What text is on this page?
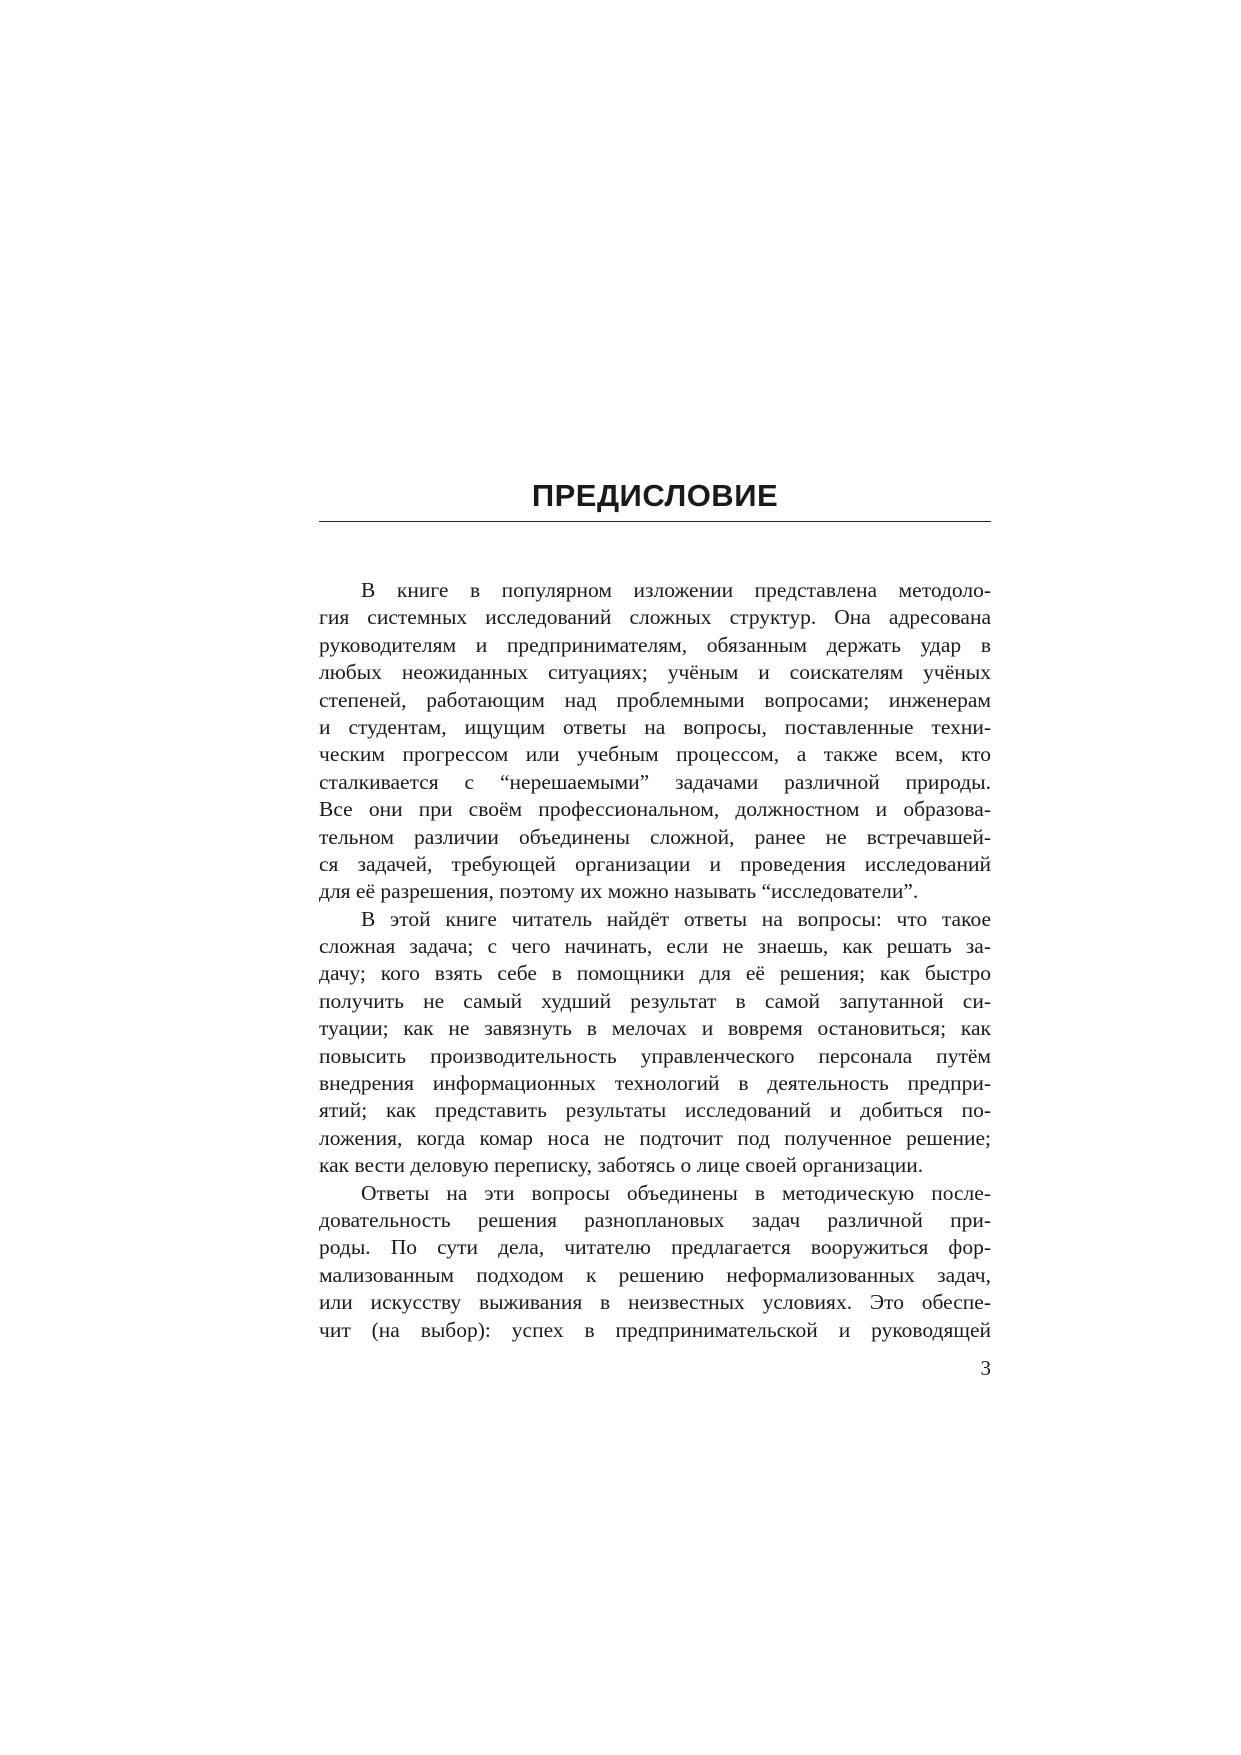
ПРЕДИСЛОВИЕ
В книге в популярном изложении представлена методоло-
гия системных исследований сложных структур. Она адресована
руководителям и предпринимателям, обязанным держать удар в
любых неожиданных ситуациях; учёным и соискателям учёных
степеней, работающим над проблемными вопросами; инженерам
и студентам, ищущим ответы на вопросы, поставленные техни-
ческим прогрессом или учебным процессом, а также всем, кто
сталкивается с “нерешаемыми” задачами различной природы.
Все они при своём профессиональном, должностном и образова-
тельном различии объединены сложной, ранее не встречавшей-
ся задачей, требующей организации и проведения исследований
для её разрешения, поэтому их можно называть “исследователи”.
В этой книге читатель найдёт ответы на вопросы: что такое
сложная задача; с чего начинать, если не знаешь, как решать за-
дачу; кого взять себе в помощники для её решения; как быстро
получить не самый худший результат в самой запутанной си-
туации; как не завязнуть в мелочах и вовремя остановиться; как
повысить производительность управленческого персонала путём
внедрения информационных технологий в деятельность предпри-
ятий; как представить результаты исследований и добиться по-
ложения, когда комар носа не подточит под полученное решение;
как вести деловую переписку, заботясь о лице своей организации.
Ответы на эти вопросы объединены в методическую после-
довательность решения разноплановых задач различной при-
роды. По сути дела, читателю предлагается вооружиться фор-
мализованным подходом к решению неформализованных задач,
или искусству выживания в неизвестных условиях. Это обеспе-
чит (на выбор): успех в предпринимательской и руководящей
3
